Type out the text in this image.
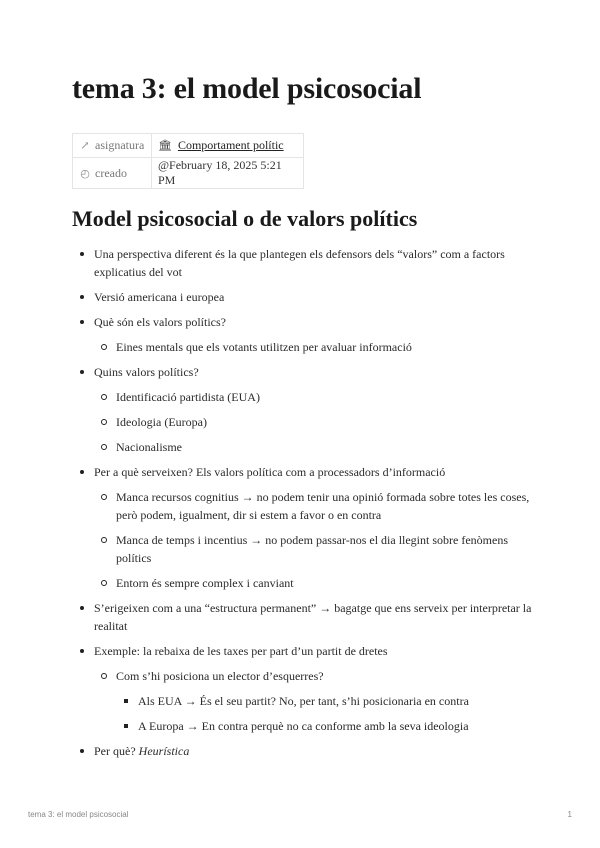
tema 3: el model psicosocial
↗ asignatura	🏛 Comportament polític
◴ creado	@February 18, 2025 5:21 PM
Model psicosocial o de valors polítics
Una perspectiva diferent és la que plantegen els defensors dels “valors” com a factors explicatius del vot
Versió americana i europea
Què són els valors polítics?
Eines mentals que els votants utilitzen per avaluar informació
Quins valors polítics?
Identificació partidista (EUA)
Ideologia (Europa)
Nacionalisme
Per a què serveixen? Els valors política com a processadors d’informació
Manca recursos cognitius → no podem tenir una opinió formada sobre totes les coses, però podem, igualment, dir si estem a favor o en contra
Manca de temps i incentius → no podem passar-nos el dia llegint sobre fenòmens polítics
Entorn és sempre complex i canviant
S’erigeixen com a una “estructura permanent” → bagatge que ens serveix per interpretar la realitat
Exemple: la rebaixa de les taxes per part d’un partit de dretes
Com s’hi posiciona un elector d’esquerres?
Als EUA → És el seu partit? No, per tant, s’hi posicionaria en contra
A Europa → En contra perquè no ca conforme amb la seva ideologia
Per què? Heurística
tema 3: el model psicosocial	1
